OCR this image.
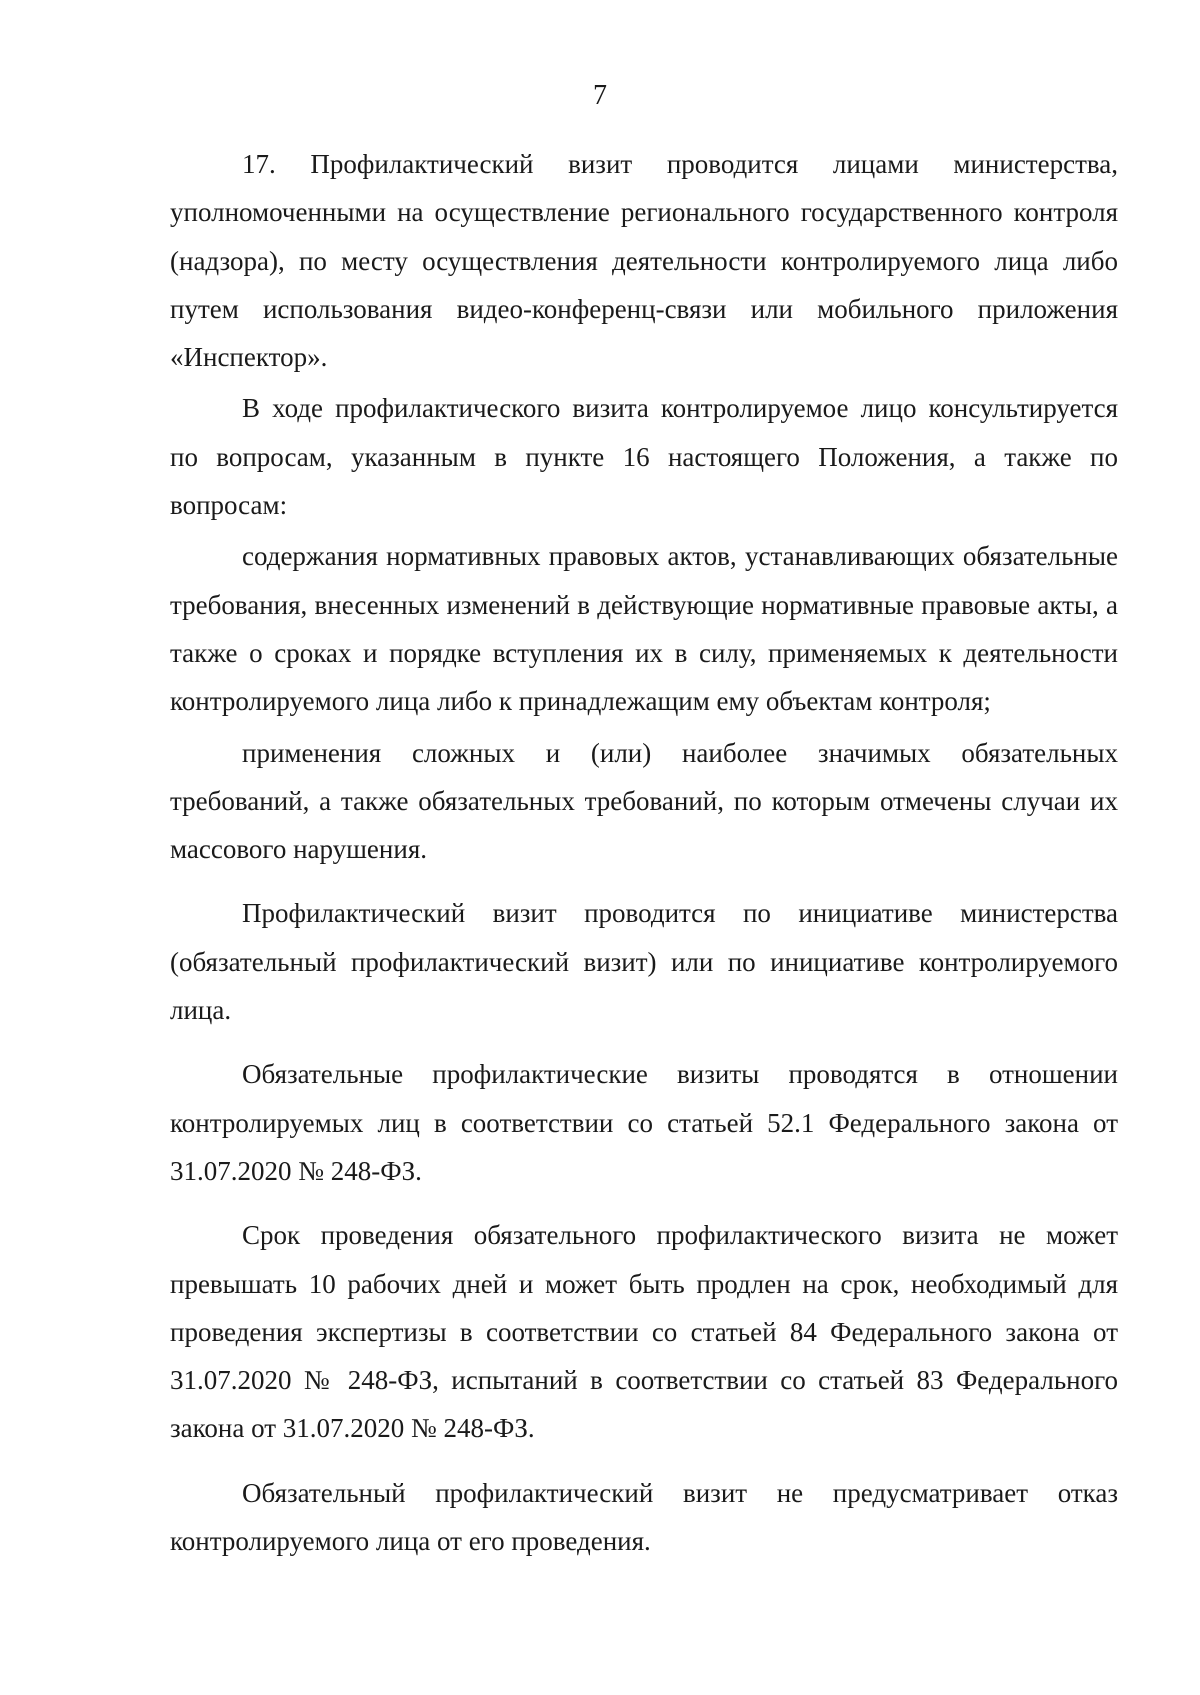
7

17. Профилактический визит проводится лицами министерства, уполномоченными на осуществление регионального государственного контроля (надзора), по месту осуществления деятельности контролируемого лица либо путем использования видео-конференц-связи или мобильного приложения «Инспектор».

В ходе профилактического визита контролируемое лицо консультируется по вопросам, указанным в пункте 16 настоящего Положения, а также по вопросам:

содержания нормативных правовых актов, устанавливающих обязательные требования, внесенных изменений в действующие нормативные правовые акты, а также о сроках и порядке вступления их в силу, применяемых к деятельности контролируемого лица либо к принадлежащим ему объектам контроля;

применения сложных и (или) наиболее значимых обязательных требований, а также обязательных требований, по которым отмечены случаи их массового нарушения.

Профилактический визит проводится по инициативе министерства (обязательный профилактический визит) или по инициативе контролируемого лица.

Обязательные профилактические визиты проводятся в отношении контролируемых лиц в соответствии со статьей 52.1 Федерального закона от 31.07.2020 № 248-ФЗ.

Срок проведения обязательного профилактического визита не может превышать 10 рабочих дней и может быть продлен на срок, необходимый для проведения экспертизы в соответствии со статьей 84 Федерального закона от 31.07.2020 № 248-ФЗ, испытаний в соответствии со статьей 83 Федерального закона от 31.07.2020 № 248-ФЗ.

Обязательный профилактический визит не предусматривает отказ контролируемого лица от его проведения.
